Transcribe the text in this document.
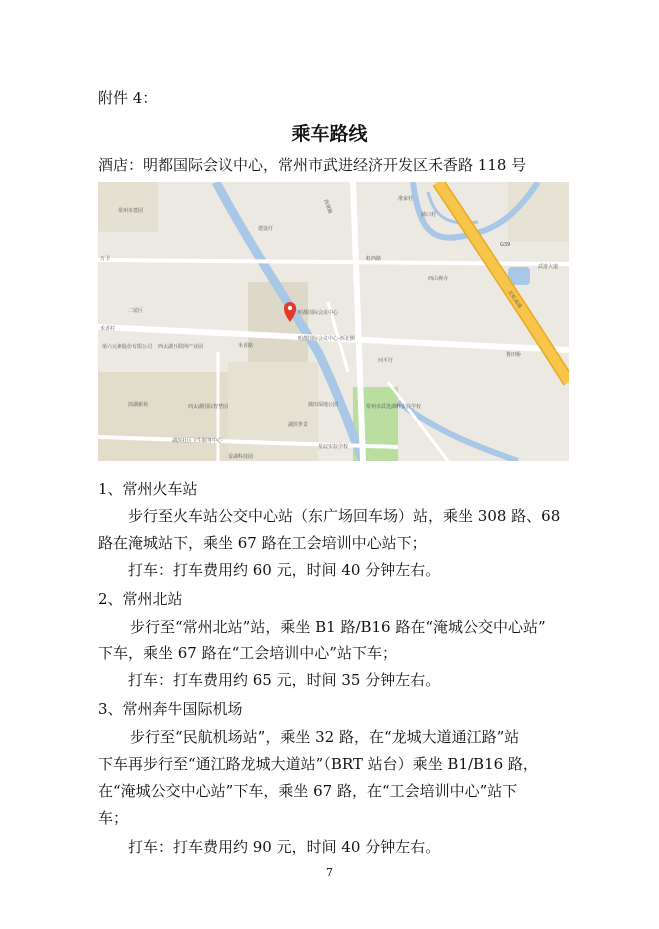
附件 4：
乘车路线
酒店：明都国际会议中心，常州市武进经济开发区禾香路 118 号
常州市蔷园
万卫
西景路	淮家村
蒲口村
建设圩
虹西路
西山禅寺
武进大道
G39
长虹高速
明都国际会议中心
明都国际会议中心-西北侧
禾香路
禾香村
二留区
第六元素股份有限公司 西太湖互联网产业园
河平圩
鲁田桥
滨湖新苑	西太湖国际智慧园	蒲田湿地公园	常州市武进湖畔实验学校
湖滨世景
湖滨社区卫生服务中心
星辰实验学校
雷湖科技园
1、常州火车站
步行至火车站公交中心站（东广场回车场）站，乘坐 308 路、68
路在淹城站下，乘坐 67 路在工会培训中心站下；
打车：打车费用约 60 元，时间 40 分钟左右。
2、常州北站
步行至“常州北站”站，乘坐 B1 路/B16 路在“淹城公交中心站”
下车，乘坐 67 路在“工会培训中心”站下车；
打车：打车费用约 65 元，时间 35 分钟左右。
3、常州奔牛国际机场
步行至“民航机场站”，乘坐 32 路，在“龙城大道通江路”站
下车再步行至“通江路龙城大道站”（BRT 站台）乘坐 B1/B16 路，
在“淹城公交中心站”下车，乘坐 67 路，在“工会培训中心”站下
车；
打车：打车费用约 90 元，时间 40 分钟左右。
7
